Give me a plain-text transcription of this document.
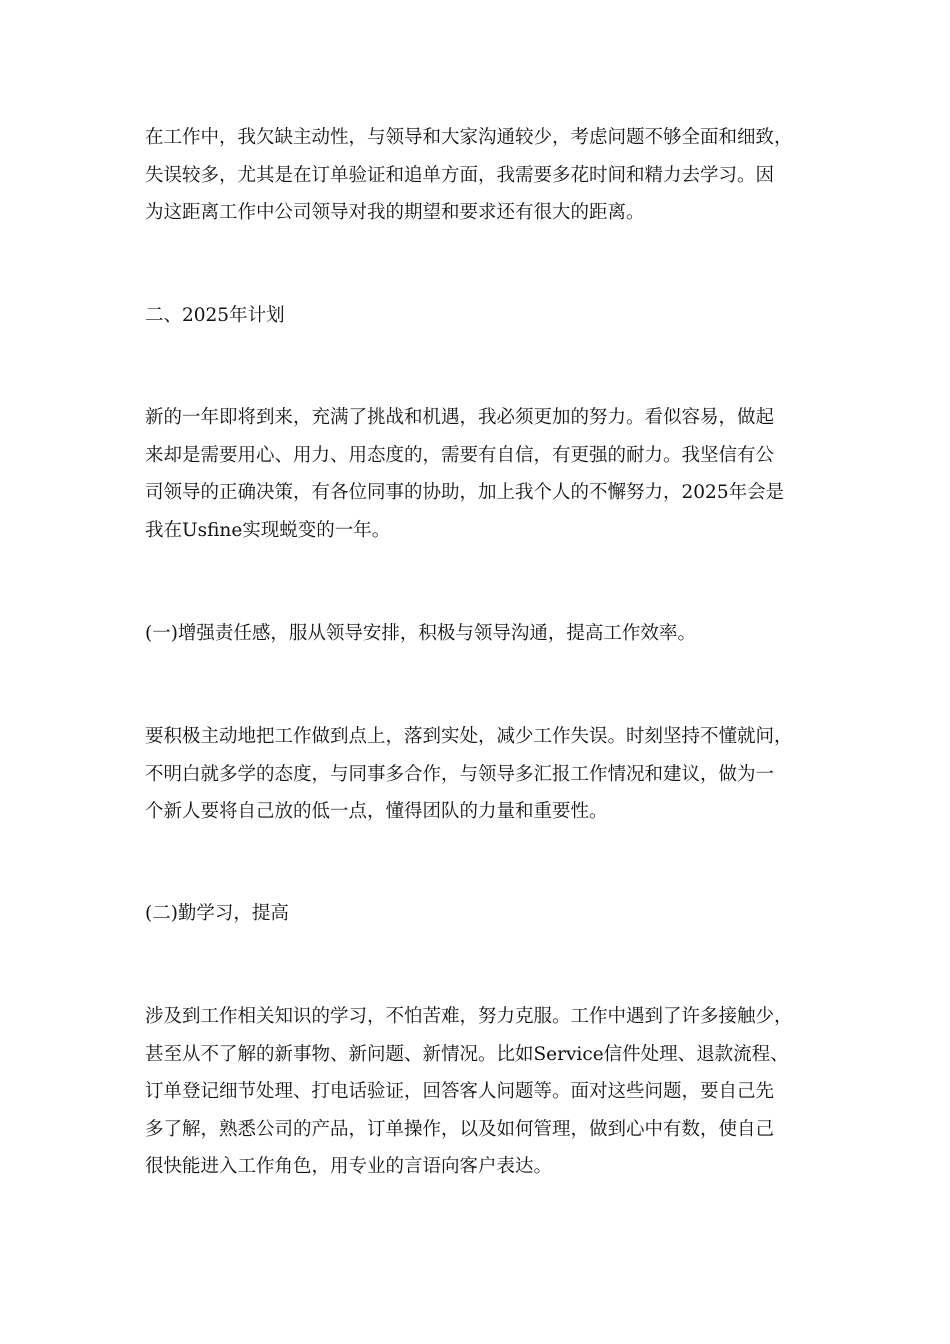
在工作中，我欠缺主动性，与领导和大家沟通较少，考虑问题不够全面和细致，
失误较多，尤其是在订单验证和追单方面，我需要多花时间和精力去学习。因
为这距离工作中公司领导对我的期望和要求还有很大的距离。
二、2025年计划
新的一年即将到来，充满了挑战和机遇，我必须更加的努力。看似容易，做起
来却是需要用心、用力、用态度的，需要有自信，有更强的耐力。我坚信有公
司领导的正确决策，有各位同事的协助，加上我个人的不懈努力，2025年会是
我在Usfine实现蜕变的一年。
(一)增强责任感，服从领导安排，积极与领导沟通，提高工作效率。
要积极主动地把工作做到点上，落到实处，减少工作失误。时刻坚持不懂就问，
不明白就多学的态度，与同事多合作，与领导多汇报工作情况和建议，做为一
个新人要将自己放的低一点，懂得团队的力量和重要性。
(二)勤学习，提高
涉及到工作相关知识的学习，不怕苦难，努力克服。工作中遇到了许多接触少，
甚至从不了解的新事物、新问题、新情况。比如Service信件处理、退款流程、
订单登记细节处理、打电话验证，回答客人问题等。面对这些问题，要自己先
多了解，熟悉公司的产品，订单操作，以及如何管理，做到心中有数，使自己
很快能进入工作角色，用专业的言语向客户表达。
